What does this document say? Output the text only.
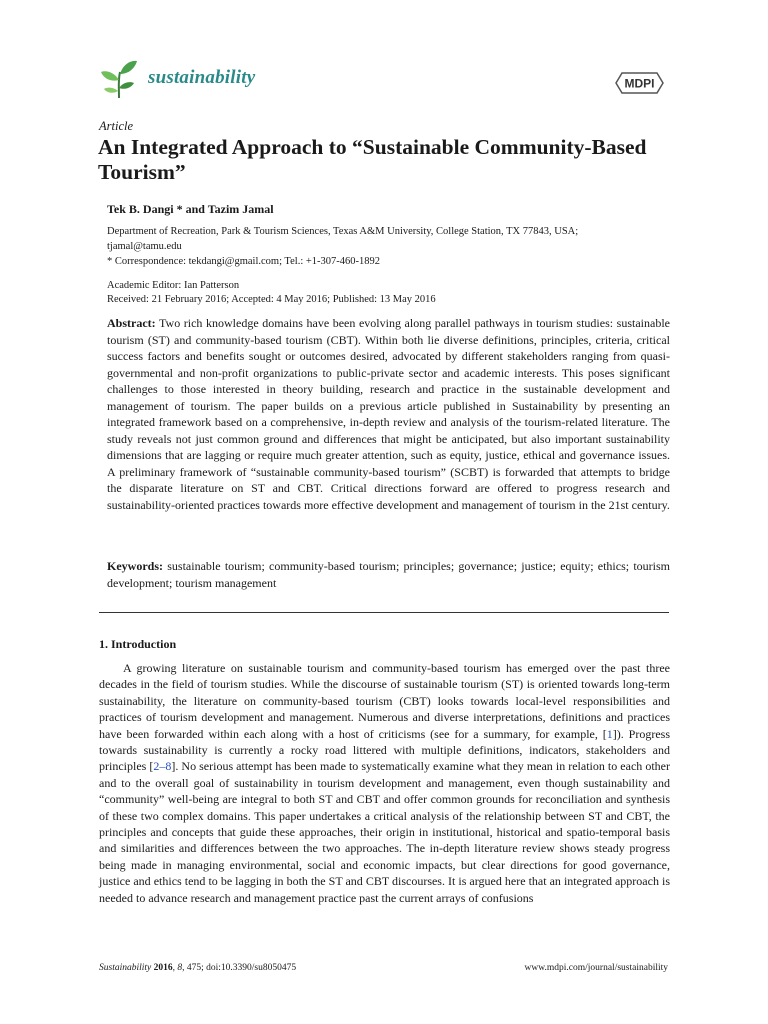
sustainability	MDPI
Article
An Integrated Approach to “Sustainable Community-Based Tourism”
Tek B. Dangi * and Tazim Jamal
Department of Recreation, Park & Tourism Sciences, Texas A&M University, College Station, TX 77843, USA;
tjamal@tamu.edu
* Correspondence: tekdangi@gmail.com; Tel.: +1-307-460-1892
Academic Editor: Ian Patterson
Received: 21 February 2016; Accepted: 4 May 2016; Published: 13 May 2016
Abstract: Two rich knowledge domains have been evolving along parallel pathways in tourism studies: sustainable tourism (ST) and community-based tourism (CBT). Within both lie diverse definitions, principles, criteria, critical success factors and benefits sought or outcomes desired, advocated by different stakeholders ranging from quasi-governmental and non-profit organizations to public-private sector and academic interests. This poses significant challenges to those interested in theory building, research and practice in the sustainable development and management of tourism. The paper builds on a previous article published in Sustainability by presenting an integrated framework based on a comprehensive, in-depth review and analysis of the tourism-related literature. The study reveals not just common ground and differences that might be anticipated, but also important sustainability dimensions that are lagging or require much greater attention, such as equity, justice, ethical and governance issues. A preliminary framework of “sustainable community-based tourism” (SCBT) is forwarded that attempts to bridge the disparate literature on ST and CBT. Critical directions forward are offered to progress research and sustainability-oriented practices towards more effective development and management of tourism in the 21st century.
Keywords: sustainable tourism; community-based tourism; principles; governance; justice; equity; ethics; tourism development; tourism management
1. Introduction
A growing literature on sustainable tourism and community-based tourism has emerged over the past three decades in the field of tourism studies. While the discourse of sustainable tourism (ST) is oriented towards long-term sustainability, the literature on community-based tourism (CBT) looks towards local-level responsibilities and practices of tourism development and management. Numerous and diverse interpretations, definitions and practices have been forwarded within each along with a host of criticisms (see for a summary, for example, [1]). Progress towards sustainability is currently a rocky road littered with multiple definitions, indicators, stakeholders and principles [2–8]. No serious attempt has been made to systematically examine what they mean in relation to each other and to the overall goal of sustainability in tourism development and management, even though sustainability and “community” well-being are integral to both ST and CBT and offer common grounds for reconciliation and synthesis of these two complex domains. This paper undertakes a critical analysis of the relationship between ST and CBT, the principles and concepts that guide these approaches, their origin in institutional, historical and spatio-temporal basis and similarities and differences between the two approaches. The in-depth literature review shows steady progress being made in managing environmental, social and economic impacts, but clear directions for good governance, justice and ethics tend to be lagging in both the ST and CBT discourses. It is argued here that an integrated approach is needed to advance research and management practice past the current arrays of confusions
Sustainability 2016, 8, 475; doi:10.3390/su8050475	www.mdpi.com/journal/sustainability
